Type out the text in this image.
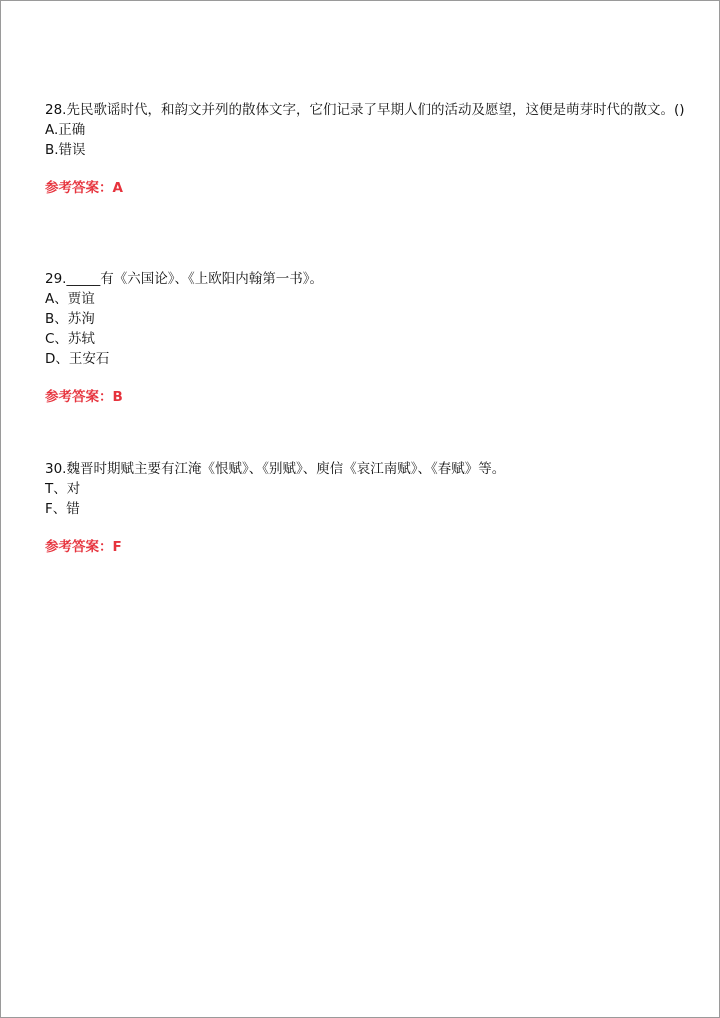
28.先民歌谣时代，和韵文并列的散体文字，它们记录了早期人们的活动及愿望，这便是萌芽时代的散文。()

A.正确

B.错误

参考答案：A

29._____有《六国论》、《上欧阳内翰第一书》。

A、贾谊

B、苏洵

C、苏轼

D、王安石

参考答案：B

30.魏晋时期赋主要有江淹《恨赋》、《别赋》、庾信《哀江南赋》、《春赋》等。

T、对

F、错

参考答案：F
